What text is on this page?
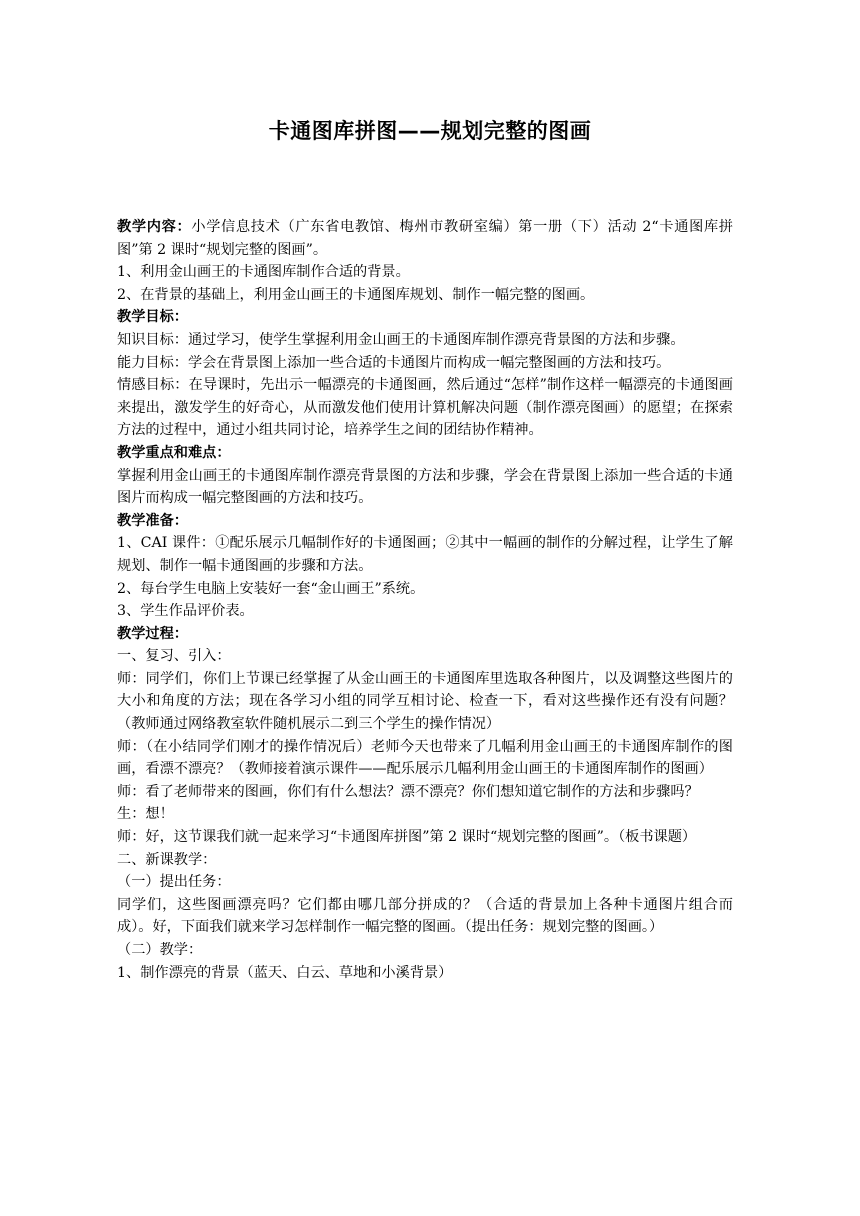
卡通图库拼图——规划完整的图画

教学内容：小学信息技术（广东省电教馆、梅州市教研室编）第一册（下）活动 2“卡通图库拼图”第 2 课时“规划完整的图画”。

1、利用金山画王的卡通图库制作合适的背景。

2、在背景的基础上，利用金山画王的卡通图库规划、制作一幅完整的图画。

教学目标：

知识目标：通过学习，使学生掌握利用金山画王的卡通图库制作漂亮背景图的方法和步骤。

能力目标：学会在背景图上添加一些合适的卡通图片而构成一幅完整图画的方法和技巧。

情感目标：在导课时，先出示一幅漂亮的卡通图画，然后通过“怎样”制作这样一幅漂亮的卡通图画来提出，激发学生的好奇心，从而激发他们使用计算机解决问题（制作漂亮图画）的愿望；在探索方法的过程中，通过小组共同讨论，培养学生之间的团结协作精神。

教学重点和难点：

掌握利用金山画王的卡通图库制作漂亮背景图的方法和步骤，学会在背景图上添加一些合适的卡通图片而构成一幅完整图画的方法和技巧。

教学准备：

1、CAI 课件：①配乐展示几幅制作好的卡通图画；②其中一幅画的制作的分解过程，让学生了解规划、制作一幅卡通图画的步骤和方法。

2、每台学生电脑上安装好一套“金山画王”系统。

3、学生作品评价表。

教学过程：

一、复习、引入：

师：同学们，你们上节课已经掌握了从金山画王的卡通图库里选取各种图片，以及调整这些图片的大小和角度的方法；现在各学习小组的同学互相讨论、检查一下，看对这些操作还有没有问题？（教师通过网络教室软件随机展示二到三个学生的操作情况）

师：（在小结同学们刚才的操作情况后）老师今天也带来了几幅利用金山画王的卡通图库制作的图画，看漂不漂亮？（教师接着演示课件——配乐展示几幅利用金山画王的卡通图库制作的图画）

师：看了老师带来的图画，你们有什么想法？漂不漂亮？你们想知道它制作的方法和步骤吗？

生：想！

师：好，这节课我们就一起来学习“卡通图库拼图”第 2 课时“规划完整的图画”。（板书课题）

二、新课教学：

（一）提出任务：

同学们，这些图画漂亮吗？它们都由哪几部分拼成的？（合适的背景加上各种卡通图片组合而成）。好，下面我们就来学习怎样制作一幅完整的图画。（提出任务：规划完整的图画。）

（二）教学：

1、制作漂亮的背景（蓝天、白云、草地和小溪背景）
